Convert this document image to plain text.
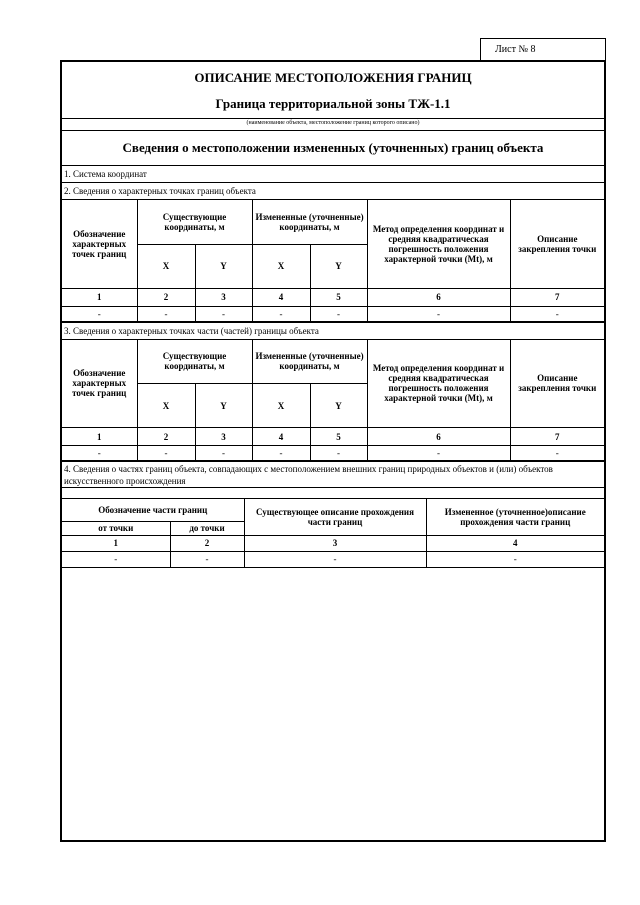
Лист № 8
ОПИСАНИЕ МЕСТОПОЛОЖЕНИЯ ГРАНИЦ
Граница территориальной зоны ТЖ-1.1
(наименование объекта, местоположение границ которого описано)
Сведения о местоположении измененных (уточненных) границ объекта
1. Система координат
2. Сведения о характерных точках границ объекта
Обозначение характерных точек границ	Существующие координаты, м		Измененные (уточненные) координаты, м		Метод определения координат и средняя квадратическая погрешность положения характерной точки (Mt), м	Описание закрепления точки
	X	Y	X	Y		
1	2	3	4	5	6	7
-	-	-	-	-	-	-
3. Сведения о характерных точках части (частей) границы объекта
Обозначение характерных точек границ	Существующие координаты, м		Измененные (уточненные) координаты, м		Метод определения координат и средняя квадратическая погрешность положения характерной точки (Mt), м	Описание закрепления точки
	X	Y	X	Y		
1	2	3	4	5	6	7
-	-	-	-	-	-	-
4. Сведения о частях границ объекта, совпадающих с местоположением внешних границ природных объектов и (или) объектов искусственного происхождения
Обозначение части границ		Существующее описание прохождения части границ	Измененное (уточненное)описание прохождения части границ
от точки	до точки		
1	2	3	4
-	-	-	-
